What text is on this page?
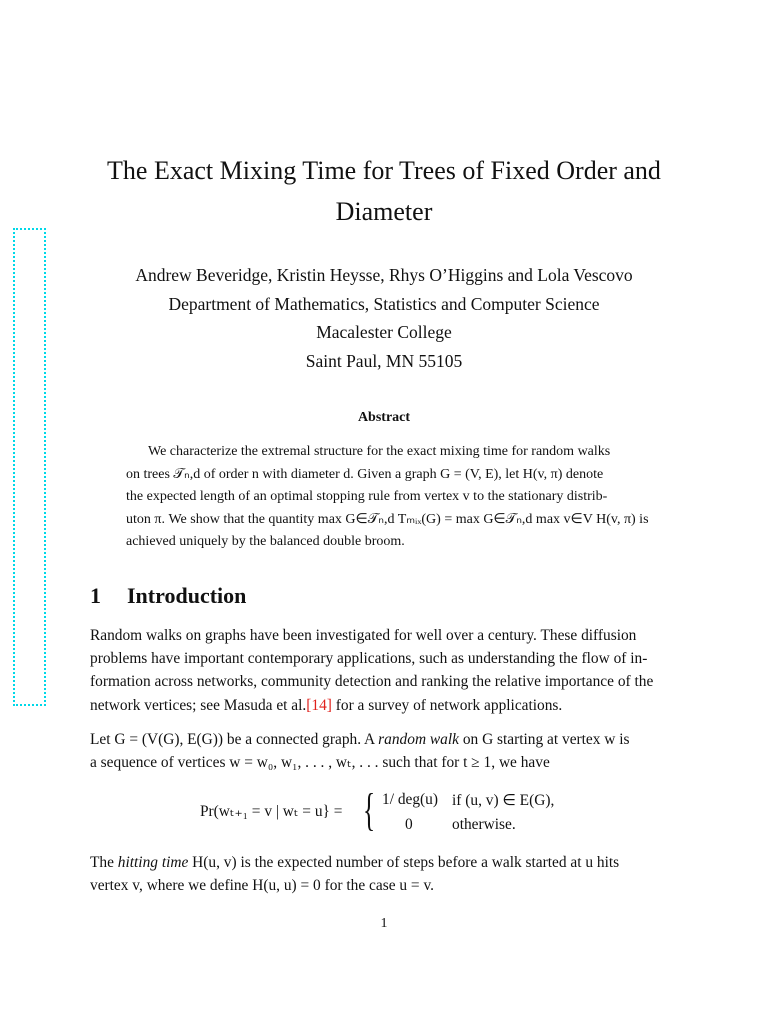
The Exact Mixing Time for Trees of Fixed Order and
Diameter
Andrew Beveridge, Kristin Heysse, Rhys O’Higgins and Lola Vescovo
Department of Mathematics, Statistics and Computer Science
Macalester College
Saint Paul, MN 55105
Abstract
We characterize the extremal structure for the exact mixing time for random walks
on trees 𝒯ₙ,d of order n with diameter d. Given a graph G = (V, E), let H(v, π) denote
the expected length of an optimal stopping rule from vertex v to the stationary distrib-
uton π. We show that the quantity max G∈𝒯ₙ,d Tₘᵢₓ(G) = max G∈𝒯ₙ,d max v∈V H(v, π) is
achieved uniquely by the balanced double broom.
1 Introduction
Random walks on graphs have been investigated for well over a century. These diffusion
problems have important contemporary applications, such as understanding the flow of in-
formation across networks, community detection and ranking the relative importance of the
network vertices; see Masuda et al.[14] for a survey of network applications.
Let G = (V(G), E(G)) be a connected graph. A random walk on G starting at vertex w is
a sequence of vertices w = w₀, w₁, . . . , wₜ, . . . such that for t ≥ 1, we have
Pr(wₜ₊₁ = v | wₜ = u} = { 1/ deg(u) if (u, v) ∈ E(G),
0	otherwise.
The hitting time H(u, v) is the expected number of steps before a walk started at u hits
vertex v, where we define H(u, u) = 0 for the case u = v.
1
